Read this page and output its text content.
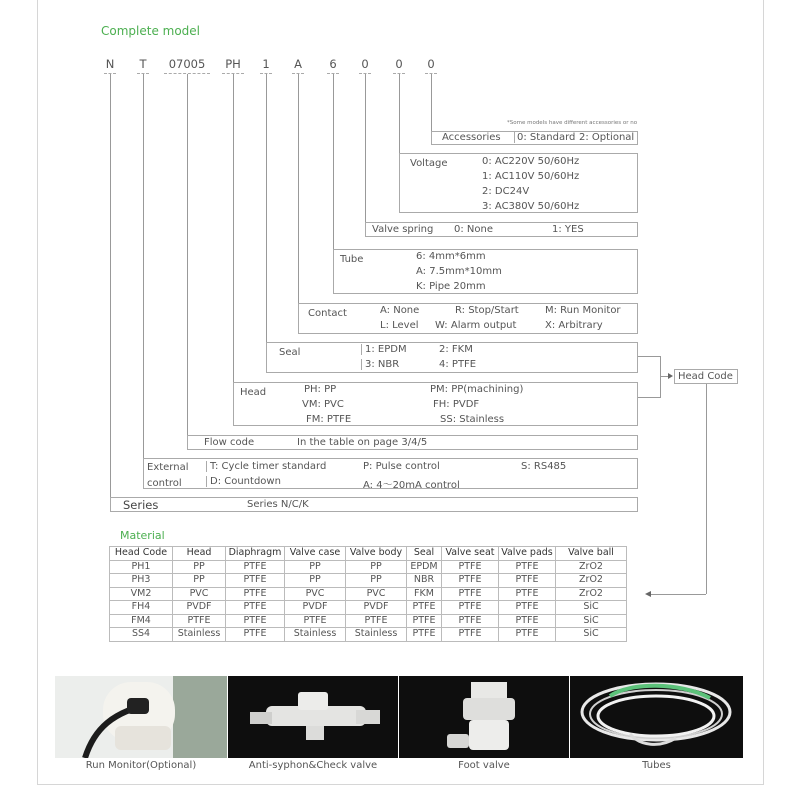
Complete model
N T	07005	PH 1 A 6 0 0 0
*Some models have different accessories or no
Accessories	0: Standard 2: Optional
Voltage	0: AC220V 50/60Hz
1: AC110V 50/60Hz
2: DC24V
3: AC380V 50/60Hz
Valve spring 0: None	1: YES
Tube	6: 4mm*6mm
A: 7.5mm*10mm
K: Pipe 20mm
Contact	A: None	R: Stop/Start	M: Run Monitor
L: Level W: Alarm output	X: Arbitrary
Seal	1: EPDM	2: FKM
3: NBR	4: PTFE
Head	PH: PP	PM: PP(machining)
VM: PVC	FH: PVDF
FM: PTFE	SS: Stainless
Head Code
Flow code	In the table on page 3/4/5
External
control
T: Cycle timer standard	P: Pulse control	S: RS485
D: Countdown	A: 4～20mA control
Series	Series N/C/K
Material
Head Code	Head	Diaphragm	Valve case	Valve body	Seal	Valve seat	Valve pads	Valve ball
PH1	PP	PTFE	PP	PP	EPDM	PTFE	PTFE	ZrO2
PH3	PP	PTFE	PP	PP	NBR	PTFE	PTFE	ZrO2
VM2	PVC	PTFE	PVC	PVC	FKM	PTFE	PTFE	ZrO2
FH4	PVDF	PTFE	PVDF	PVDF	PTFE	PTFE	PTFE	SiC
FM4	PTFE	PTFE	PTFE	PTFE	PTFE	PTFE	PTFE	SiC
SS4	Stainless	PTFE	Stainless	Stainless	PTFE	PTFE	PTFE	SiC
Run Monitor(Optional)	Anti-syphon&Check valve	Foot valve	Tubes
